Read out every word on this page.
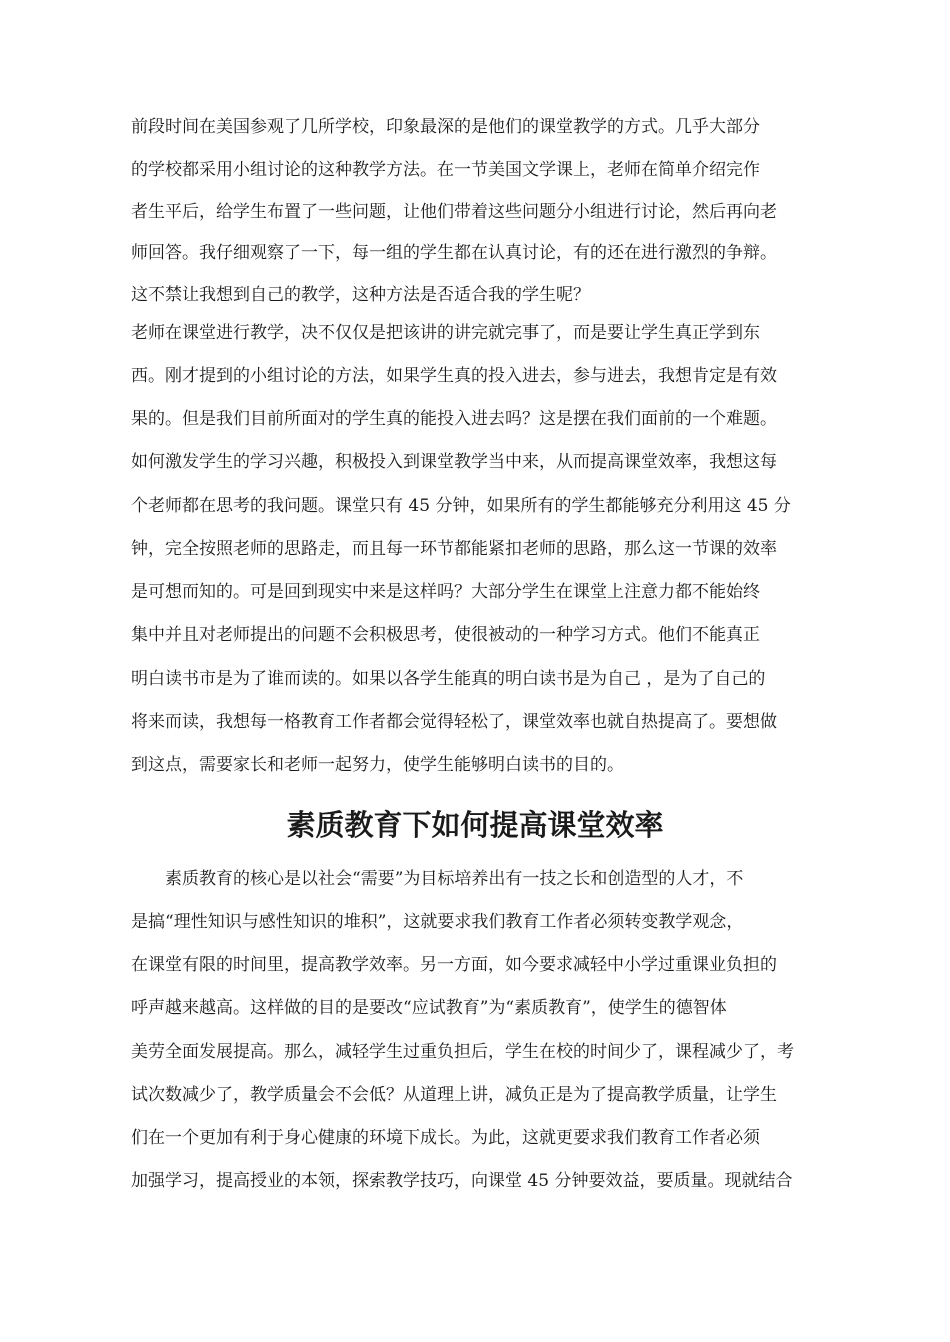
前段时间在美国参观了几所学校，印象最深的是他们的课堂教学的方式。几乎大部分
的学校都采用小组讨论的这种教学方法。在一节美国文学课上，老师在简单介绍完作
者生平后，给学生布置了一些问题，让他们带着这些问题分小组进行讨论，然后再向老
师回答。我仔细观察了一下，每一组的学生都在认真讨论，有的还在进行激烈的争辩。
这不禁让我想到自己的教学，这种方法是否适合我的学生呢？
老师在课堂进行教学，决不仅仅是把该讲的讲完就完事了，而是要让学生真正学到东
西。刚才提到的小组讨论的方法，如果学生真的投入进去，参与进去，我想肯定是有效
果的。但是我们目前所面对的学生真的能投入进去吗？这是摆在我们面前的一个难题。
如何激发学生的学习兴趣，积极投入到课堂教学当中来，从而提高课堂效率，我想这每
个老师都在思考的我问题。课堂只有 45 分钟，如果所有的学生都能够充分利用这 45 分
钟，完全按照老师的思路走，而且每一环节都能紧扣老师的思路，那么这一节课的效率
是可想而知的。可是回到现实中来是这样吗？大部分学生在课堂上注意力都不能始终
集中并且对老师提出的问题不会积极思考，使很被动的一种学习方式。他们不能真正
明白读书市是为了谁而读的。如果以各学生能真的明白读书是为自己 ，是为了自己的
将来而读，我想每一格教育工作者都会觉得轻松了，课堂效率也就自热提高了。要想做
到这点，需要家长和老师一起努力，使学生能够明白读书的目的。
素质教育下如何提高课堂效率
　　素质教育的核心是以社会“需要”为目标培养出有一技之长和创造型的人才，不
是搞“理性知识与感性知识的堆积”，这就要求我们教育工作者必须转变教学观念，
在课堂有限的时间里，提高教学效率。另一方面，如今要求减轻中小学过重课业负担的
呼声越来越高。这样做的目的是要改“应试教育”为“素质教育”，使学生的德智体
美劳全面发展提高。那么，减轻学生过重负担后，学生在校的时间少了，课程减少了，考
试次数减少了，教学质量会不会低？从道理上讲，减负正是为了提高教学质量，让学生
们在一个更加有利于身心健康的环境下成长。为此，这就更要求我们教育工作者必须
加强学习，提高授业的本领，探索教学技巧，向课堂 45 分钟要效益，要质量。现就结合
